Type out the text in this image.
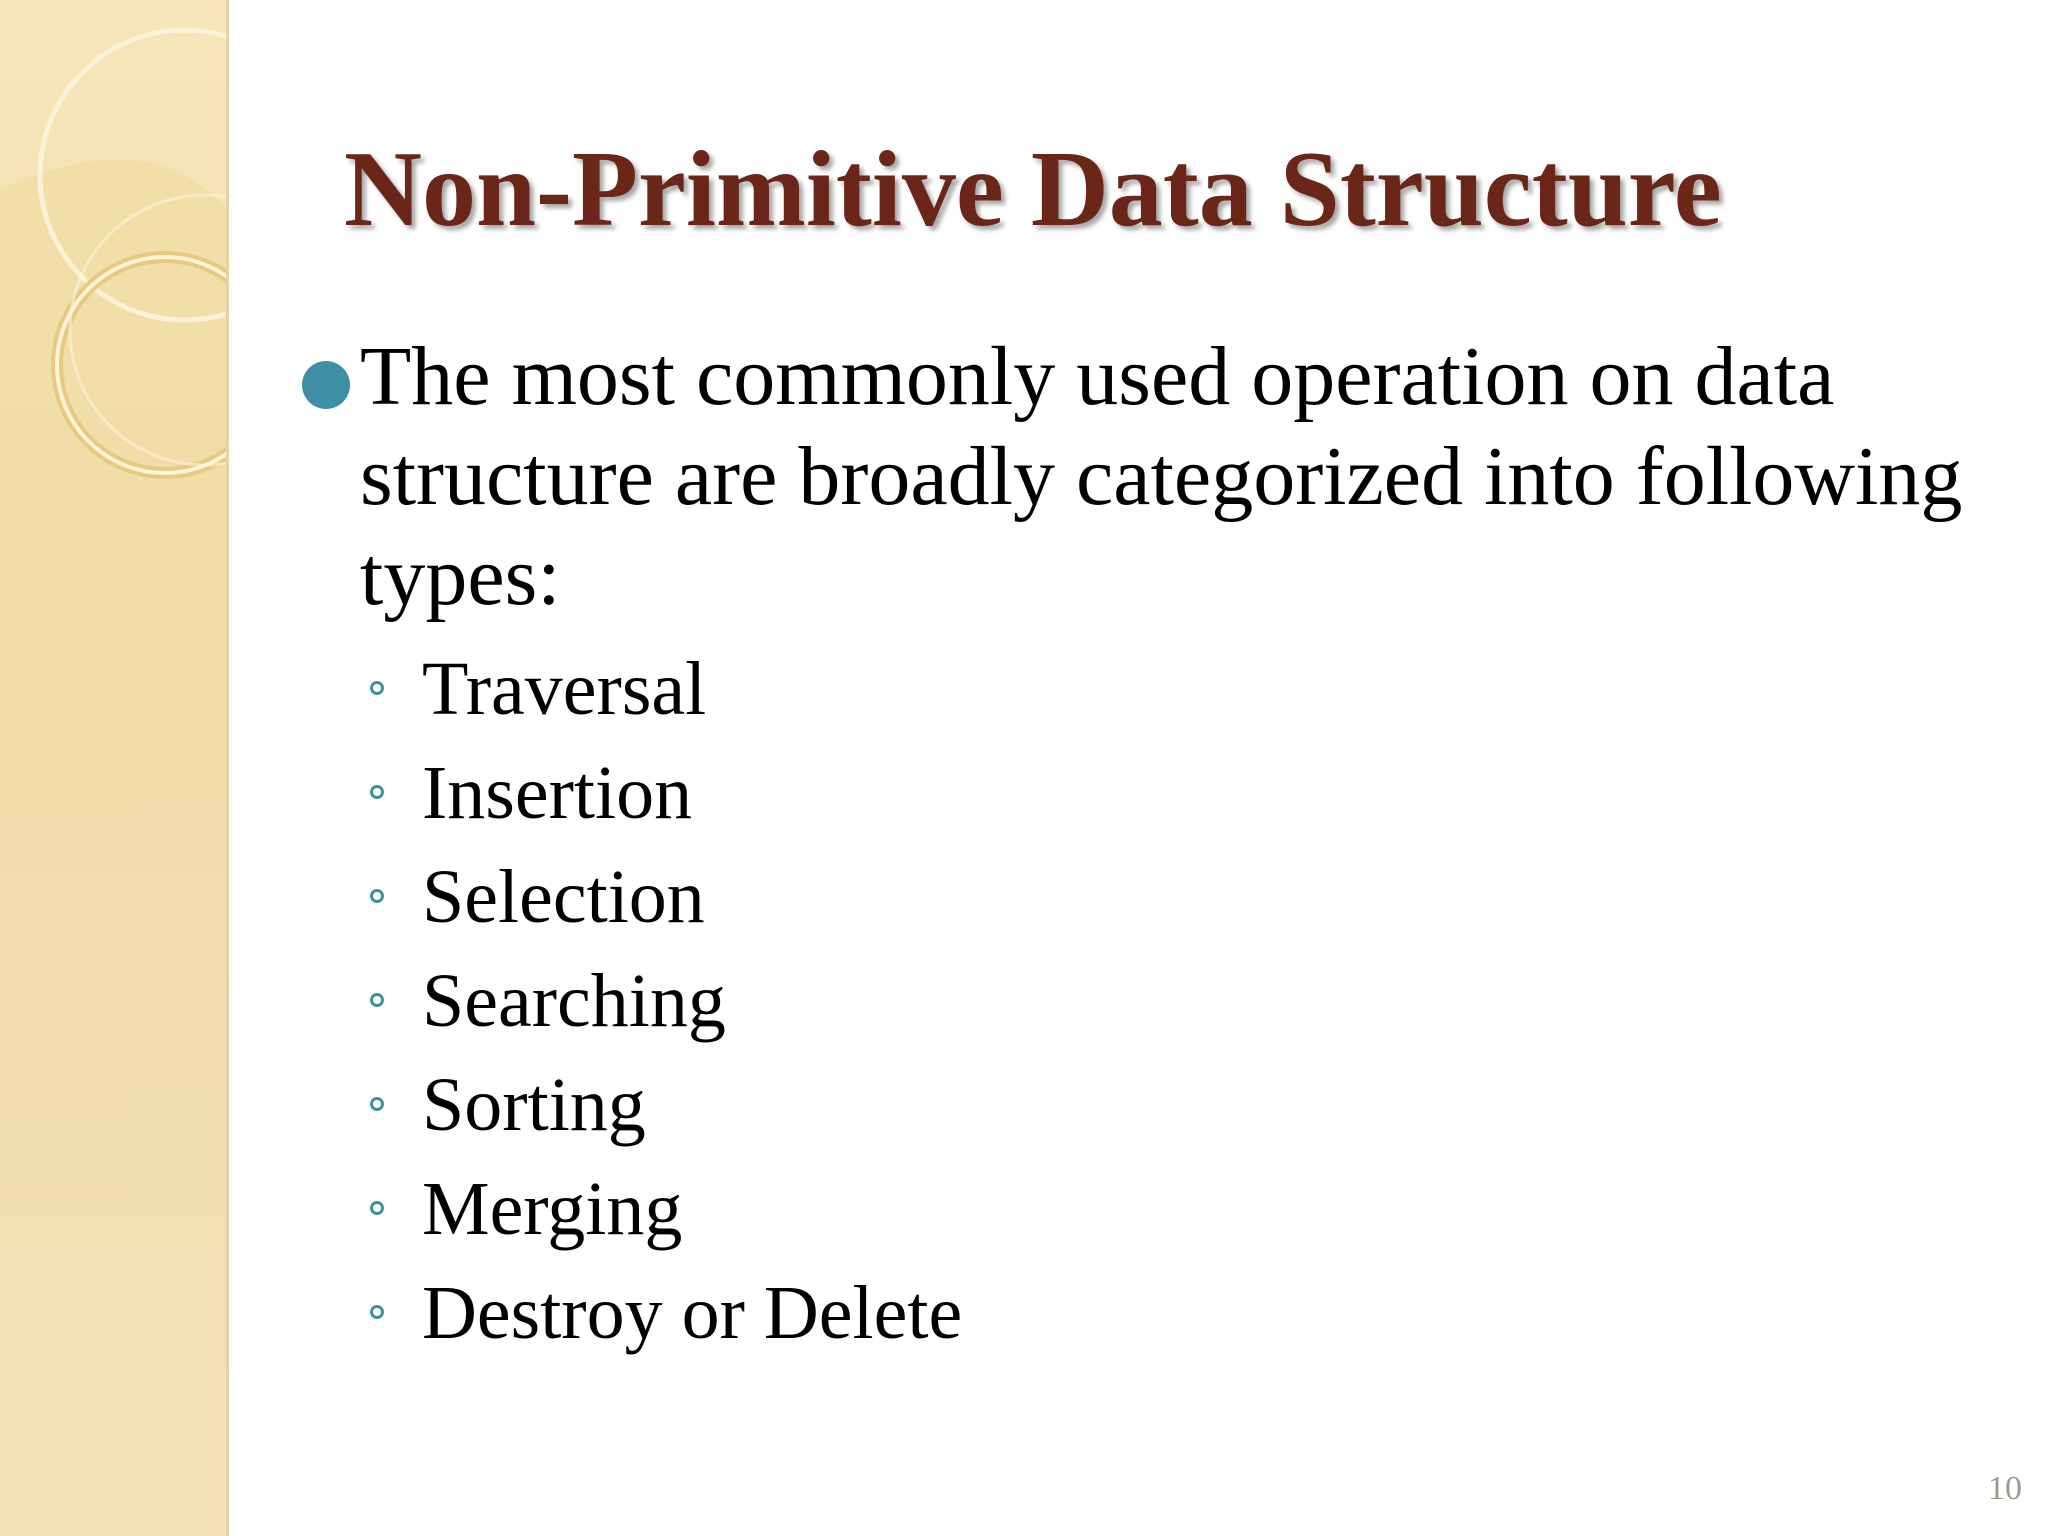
Non-Primitive Data Structure

The most commonly used operation on data structure are broadly categorized into following types:

Traversal
Insertion
Selection
Searching
Sorting
Merging
Destroy or Delete
10
